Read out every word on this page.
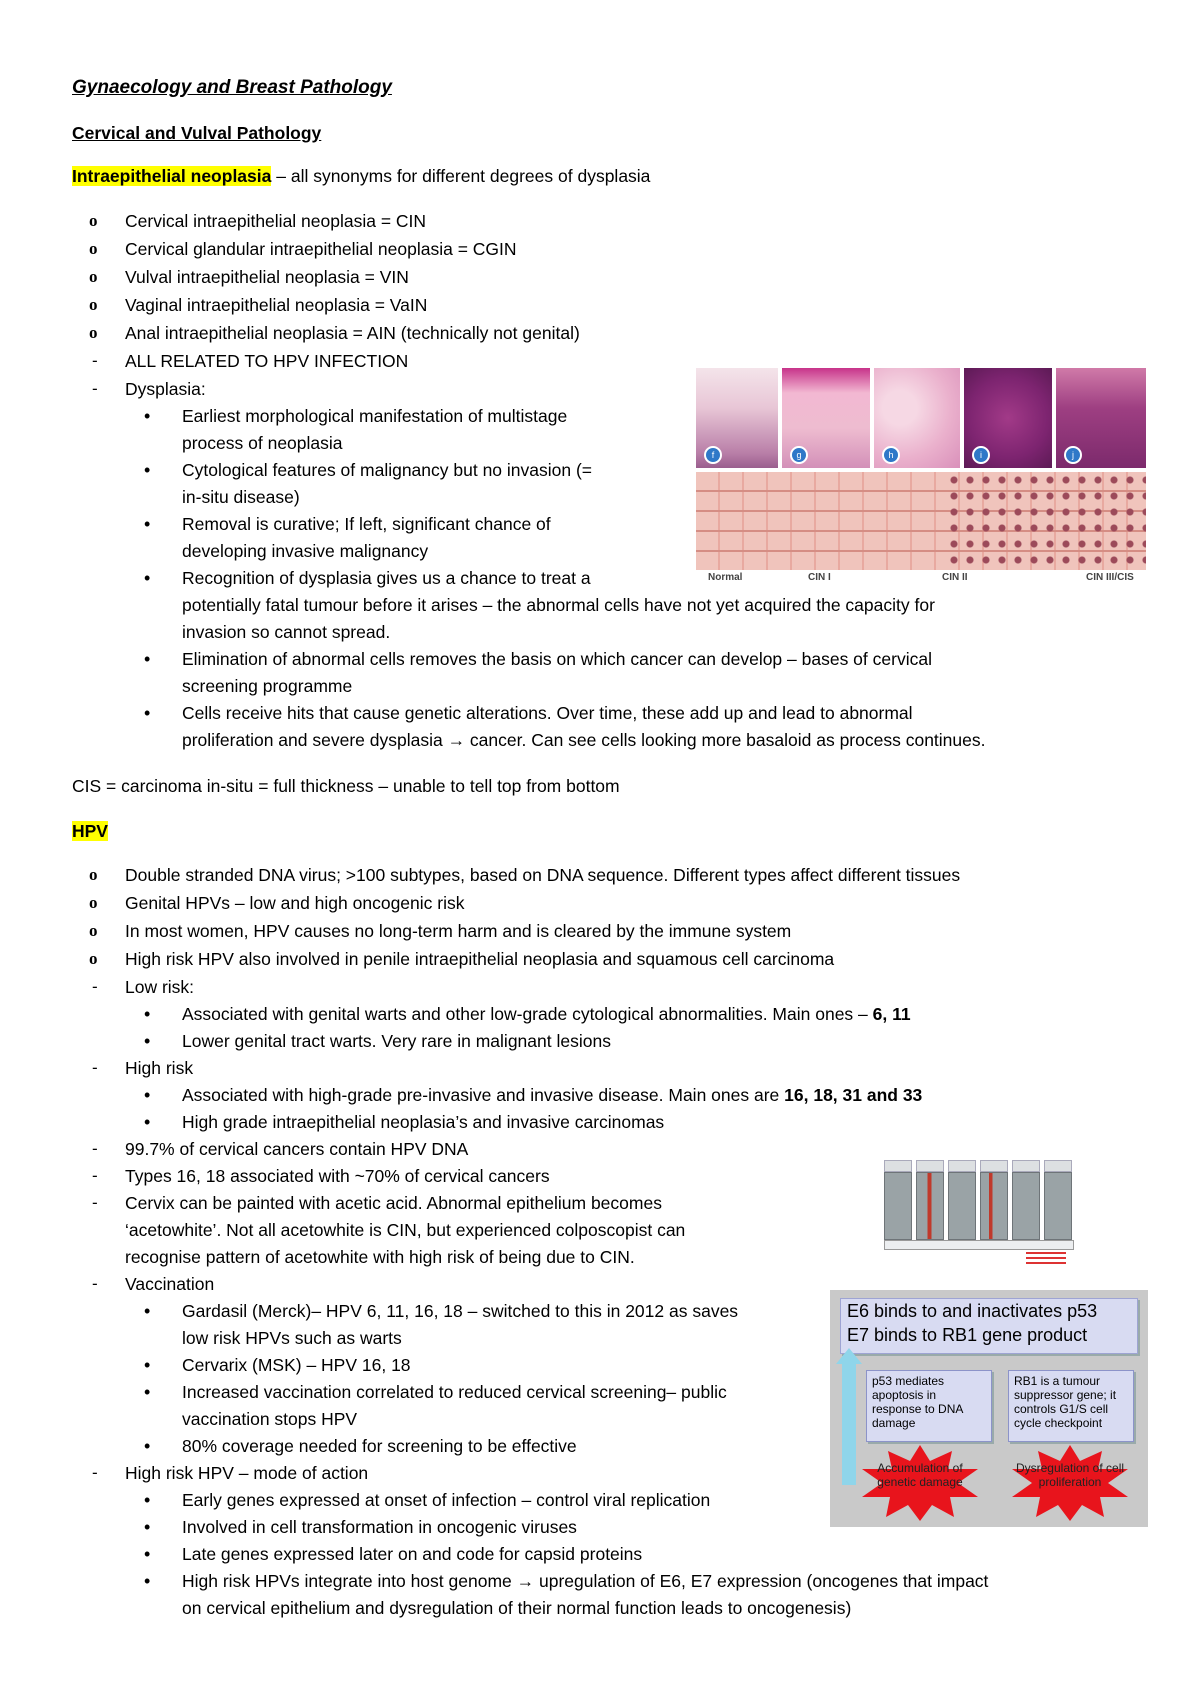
Gynaecology and Breast Pathology
Cervical and Vulval Pathology
Intraepithelial neoplasia – all synonyms for different degrees of dysplasia
o Cervical intraepithelial neoplasia = CIN
o Cervical glandular intraepithelial neoplasia = CGIN
o Vulval intraepithelial neoplasia = VIN
o Vaginal intraepithelial neoplasia = VaIN
o Anal intraepithelial neoplasia = AIN (technically not genital)
- ALL RELATED TO HPV INFECTION
- Dysplasia:
• Earliest morphological manifestation of multistage
process of neoplasia
• Cytological features of malignancy but no invasion (=
in-situ disease)
• Removal is curative; If left, significant chance of
developing invasive malignancy
• Recognition of dysplasia gives us a chance to treat a
potentially fatal tumour before it arises – the abnormal cells have not yet acquired the capacity for
invasion so cannot spread.
• Elimination of abnormal cells removes the basis on which cancer can develop – bases of cervical
screening programme
• Cells receive hits that cause genetic alterations. Over time, these add up and lead to abnormal
proliferation and severe dysplasia → cancer. Can see cells looking more basaloid as process continues.
CIS = carcinoma in-situ = full thickness – unable to tell top from bottom
HPV
o Double stranded DNA virus; >100 subtypes, based on DNA sequence. Different types affect different tissues
o Genital HPVs – low and high oncogenic risk
o In most women, HPV causes no long-term harm and is cleared by the immune system
o High risk HPV also involved in penile intraepithelial neoplasia and squamous cell carcinoma
- Low risk:
• Associated with genital warts and other low-grade cytological abnormalities. Main ones – 6, 11
• Lower genital tract warts. Very rare in malignant lesions
- High risk
• Associated with high-grade pre-invasive and invasive disease. Main ones are 16, 18, 31 and 33
• High grade intraepithelial neoplasia’s and invasive carcinomas
- 99.7% of cervical cancers contain HPV DNA
- Types 16, 18 associated with ~70% of cervical cancers
- Cervix can be painted with acetic acid. Abnormal epithelium becomes
‘acetowhite’. Not all acetowhite is CIN, but experienced colposcopist can
recognise pattern of acetowhite with high risk of being due to CIN.
- Vaccination
• Gardasil (Merck)– HPV 6, 11, 16, 18 – switched to this in 2012 as saves
low risk HPVs such as warts
• Cervarix (MSK) – HPV 16, 18
• Increased vaccination correlated to reduced cervical screening– public
vaccination stops HPV
• 80% coverage needed for screening to be effective
- High risk HPV – mode of action
• Early genes expressed at onset of infection – control viral replication
• Involved in cell transformation in oncogenic viruses
• Late genes expressed later on and code for capsid proteins
• High risk HPVs integrate into host genome → upregulation of E6, E7 expression (oncogenes that impact
on cervical epithelium and dysregulation of their normal function leads to oncogenesis)
f	g	h	i	j
Normal	CIN I	CIN II	CIN III/CIS
E6 binds to and inactivates p53
E7 binds to RB1 gene product
p53 mediates apoptosis in response to DNA damage
RB1 is a tumour suppressor gene; it controls G1/S cell cycle checkpoint
Accumulation of genetic damage
Dysregulation of cell proliferation
